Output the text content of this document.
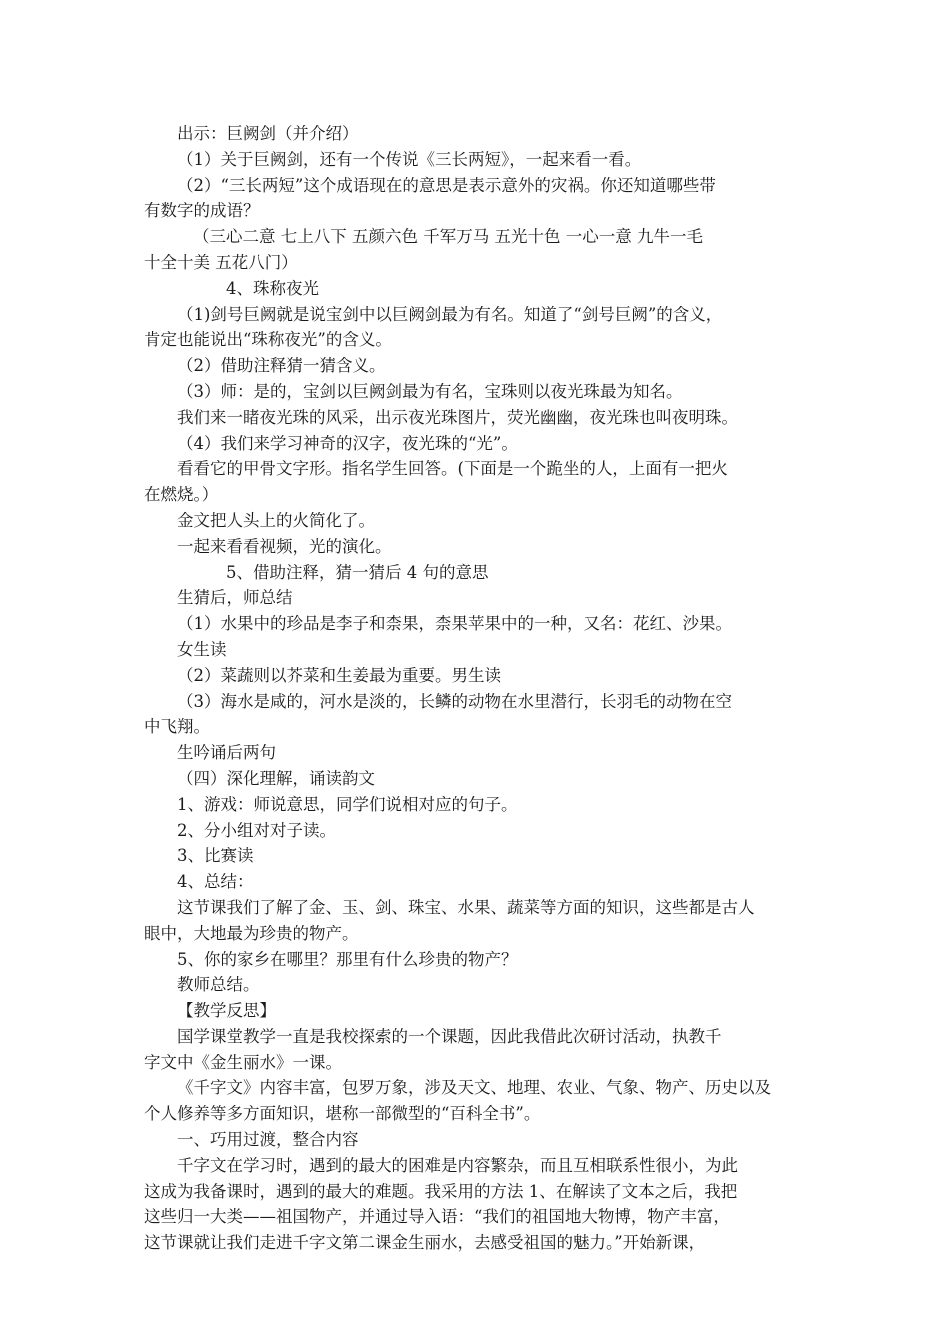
出示：巨阙剑（并介绍）
（1）关于巨阙剑，还有一个传说《三长两短》，一起来看一看。
（2）“三长两短”这个成语现在的意思是表示意外的灾祸。你还知道哪些带
有数字的成语？
（三心二意 七上八下 五颜六色 千军万马 五光十色 一心一意 九牛一毛
十全十美 五花八门）
4、珠称夜光
（1)剑号巨阙就是说宝剑中以巨阙剑最为有名。知道了“剑号巨阙”的含义，
肯定也能说出“珠称夜光”的含义。
（2）借助注释猜一猜含义。
（3）师：是的，宝剑以巨阙剑最为有名，宝珠则以夜光珠最为知名。
我们来一睹夜光珠的风采，出示夜光珠图片，荧光幽幽，夜光珠也叫夜明珠。
（4）我们来学习神奇的汉字，夜光珠的“光”。
看看它的甲骨文字形。指名学生回答。(下面是一个跪坐的人，上面有一把火
在燃烧。）
金文把人头上的火简化了。
一起来看看视频，光的演化。
5、借助注释，猜一猜后 4 句的意思
生猜后，师总结
（1）水果中的珍品是李子和柰果，柰果苹果中的一种，又名：花红、沙果。
女生读
（2）菜蔬则以芥菜和生姜最为重要。男生读
（3）海水是咸的，河水是淡的，长鳞的动物在水里潜行，长羽毛的动物在空
中飞翔。
生吟诵后两句
（四）深化理解，诵读韵文
1、游戏：师说意思，同学们说相对应的句子。
2、分小组对对子读。
3、比赛读
4、总结：
这节课我们了解了金、玉、剑、珠宝、水果、蔬菜等方面的知识，这些都是古人
眼中，大地最为珍贵的物产。
5、你的家乡在哪里？那里有什么珍贵的物产？
教师总结。
【教学反思】
国学课堂教学一直是我校探索的一个课题，因此我借此次研讨活动，执教千
字文中《金生丽水》一课。
《千字文》内容丰富，包罗万象，涉及天文、地理、农业、气象、物产、历史以及
个人修养等多方面知识，堪称一部微型的“百科全书”。
一、巧用过渡，整合内容
千字文在学习时，遇到的最大的困难是内容繁杂，而且互相联系性很小，为此
这成为我备课时，遇到的最大的难题。我采用的方法 1、在解读了文本之后，我把
这些归一大类——祖国物产，并通过导入语：“我们的祖国地大物博，物产丰富，
这节课就让我们走进千字文第二课金生丽水，去感受祖国的魅力。”开始新课，
